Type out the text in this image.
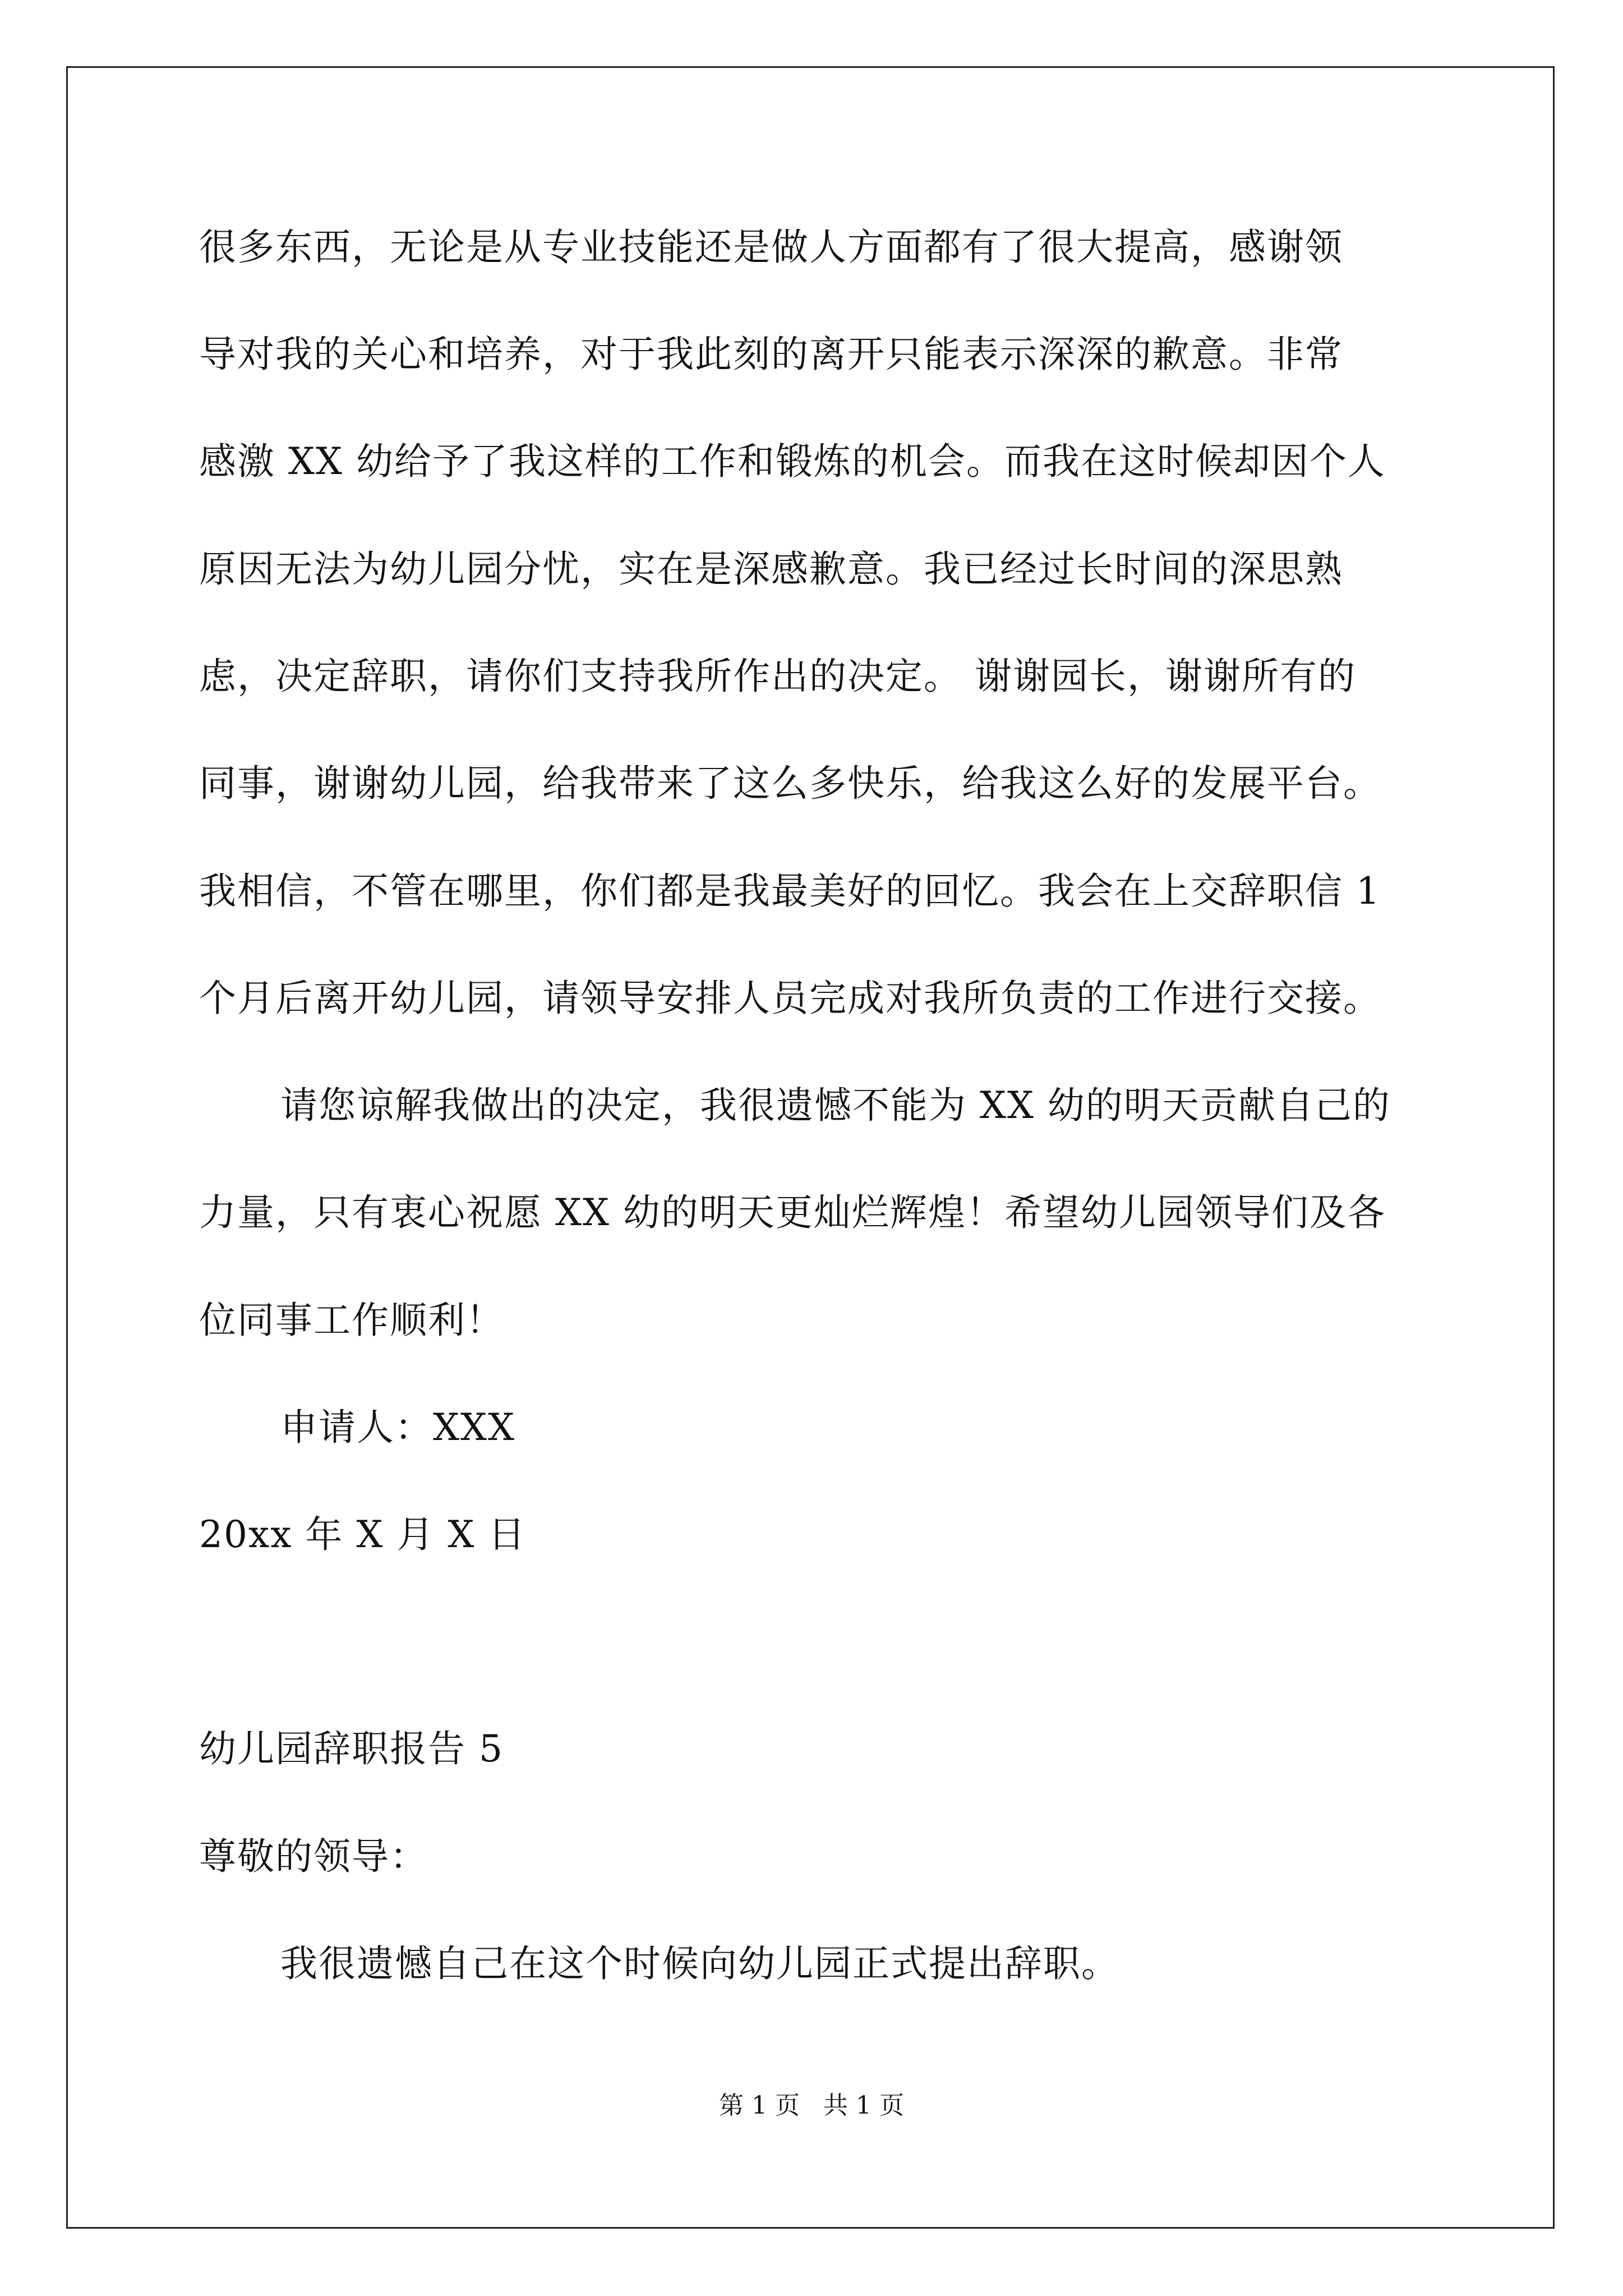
很多东西，无论是从专业技能还是做人方面都有了很大提高，感谢领
导对我的关心和培养，对于我此刻的离开只能表示深深的歉意。非常
感激 XX 幼给予了我这样的工作和锻炼的机会。而我在这时候却因个人
原因无法为幼儿园分忧，实在是深感歉意。我已经过长时间的深思熟
虑，决定辞职，请你们支持我所作出的决定。 谢谢园长，谢谢所有的
同事，谢谢幼儿园，给我带来了这么多快乐，给我这么好的发展平台。
我相信，不管在哪里，你们都是我最美好的回忆。我会在上交辞职信 1
个月后离开幼儿园，请领导安排人员完成对我所负责的工作进行交接。
请您谅解我做出的决定，我很遗憾不能为 XX 幼的明天贡献自己的
力量，只有衷心祝愿 XX 幼的明天更灿烂辉煌！希望幼儿园领导们及各
位同事工作顺利！
申请人：XXX
20xx 年 X 月 X 日
幼儿园辞职报告 5
尊敬的领导：
我很遗憾自己在这个时候向幼儿园正式提出辞职。
第 1 页   共 1 页
